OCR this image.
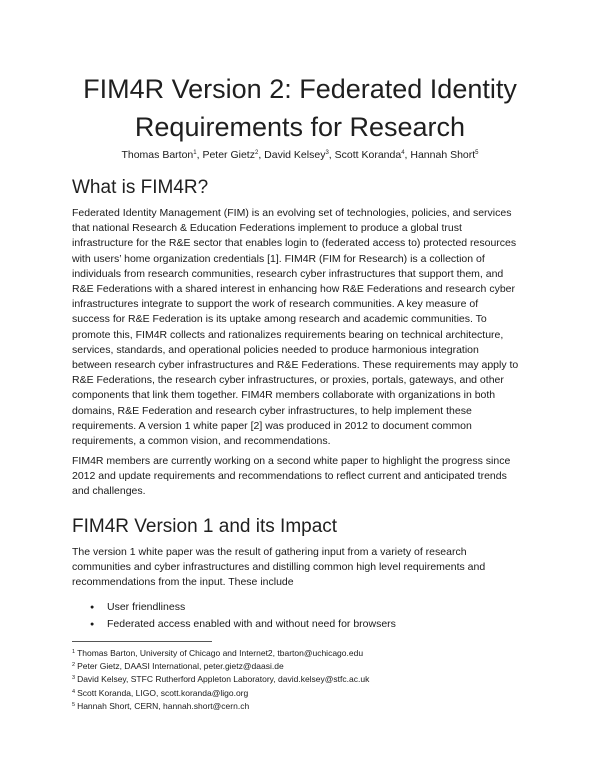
FIM4R Version 2: Federated Identity
Requirements for Research
Thomas Barton$^1$, Peter Gietz$^2$, David Kelsey$^3$, Scott Koranda$^4$, Hannah Short$^5$
What is FIM4R?

Federated Identity Management (FIM) is an evolving set of technologies, policies, and services
that national Research & Education Federations implement to produce a global trust
infrastructure for the R&E sector that enables login to (federated access to) protected resources
with users’ home organization credentials [1]. FIM4R (FIM for Research) is a collection of
individuals from research communities, research cyber infrastructures that support them, and
R&E Federations with a shared interest in enhancing how R&E Federations and research cyber
infrastructures integrate to support the work of research communities. A key measure of
success for R&E Federation is its uptake among research and academic communities. To
promote this, FIM4R collects and rationalizes requirements bearing on technical architecture,
services, standards, and operational policies needed to produce harmonious integration
between research cyber infrastructures and R&E Federations. These requirements may apply to
R&E Federations, the research cyber infrastructures, or proxies, portals, gateways, and other
components that link them together. FIM4R members collaborate with organizations in both
domains, R&E Federation and research cyber infrastructures, to help implement these
requirements. A version 1 white paper [2] was produced in 2012 to document common
requirements, a common vision, and recommendations.

FIM4R members are currently working on a second white paper to highlight the progress since
2012 and update requirements and recommendations to reflect current and anticipated trends
and challenges.

FIM4R Version 1 and its Impact

The version 1 white paper was the result of gathering input from a variety of research
communities and cyber infrastructures and distilling common high level requirements and
recommendations from the input. These include

● User friendliness
● Federated access enabled with and without need for browsers
$^1$ Thomas Barton, University of Chicago and Internet2, tbarton@uchicago.edu
$^2$ Peter Gietz, DAASI International, peter.gietz@daasi.de
$^3$ David Kelsey, STFC Rutherford Appleton Laboratory, david.kelsey@stfc.ac.uk
$^4$ Scott Koranda, LIGO, scott.koranda@ligo.org
$^5$ Hannah Short, CERN, hannah.short@cern.ch
